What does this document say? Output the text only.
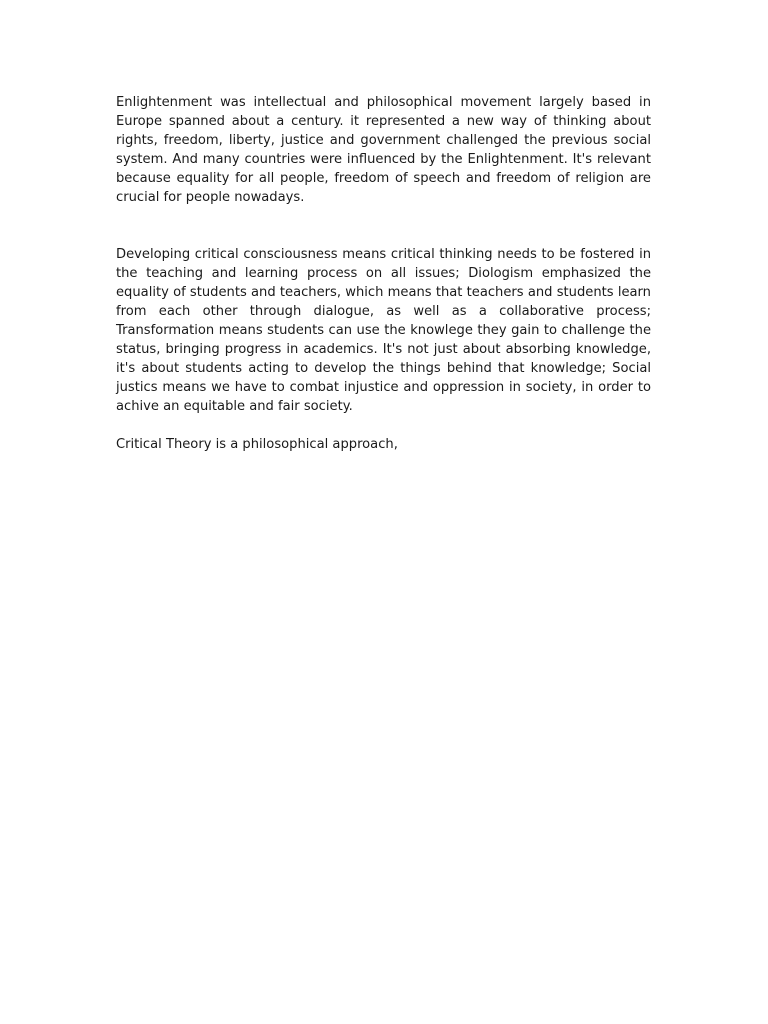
Enlightenment was intellectual and philosophical movement largely based in Europe spanned about a century. it represented a new way of thinking about rights, freedom, liberty, justice and government challenged the previous social system. And many countries were influenced by the Enlightenment. It's relevant because equality for all people, freedom of speech and freedom of religion are crucial for people nowadays.

Developing critical consciousness means critical thinking needs to be fostered in the teaching and learning process on all issues; Diologism emphasized the equality of students and teachers, which means that teachers and students learn from each other through dialogue, as well as a collaborative process; Transformation means students can use the knowlege they gain to challenge the status, bringing progress in academics. It's not just about absorbing knowledge, it's about students acting to develop the things behind that knowledge; Social justics means we have to combat injustice and oppression in society, in order to achive an equitable and fair society.

Critical Theory is a philosophical approach,
